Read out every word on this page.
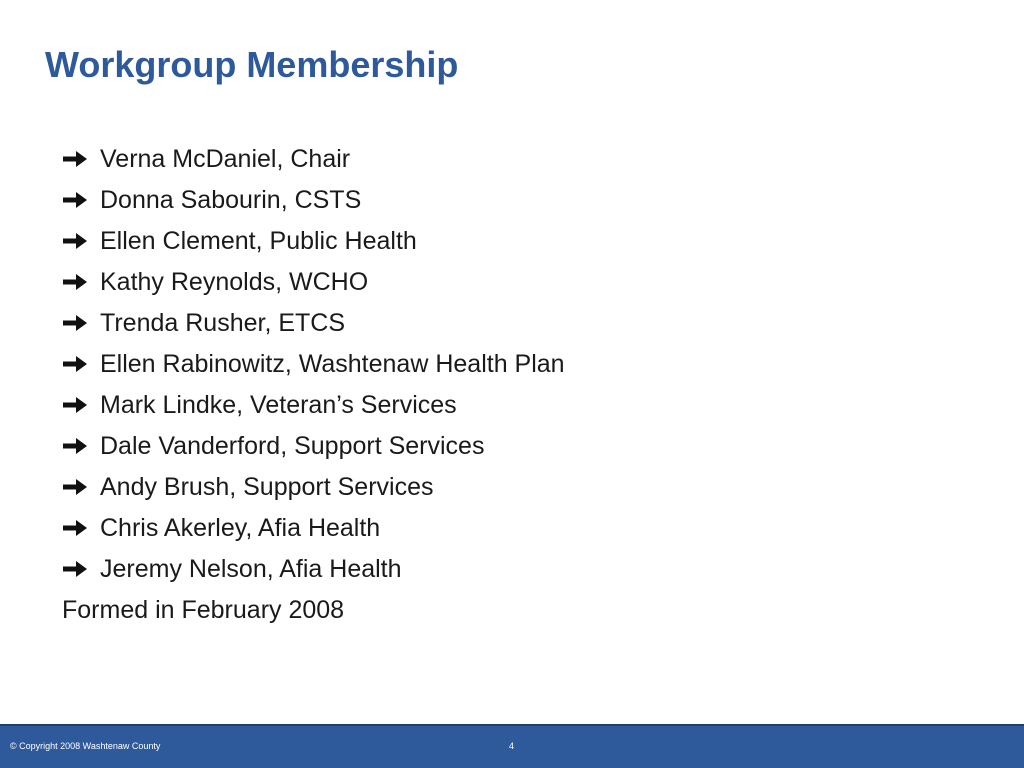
Workgroup Membership
Verna McDaniel, Chair
Donna Sabourin, CSTS
Ellen Clement, Public Health
Kathy Reynolds, WCHO
Trenda Rusher, ETCS
Ellen Rabinowitz, Washtenaw Health Plan
Mark Lindke, Veteran’s Services
Dale Vanderford, Support Services
Andy Brush, Support Services
Chris Akerley, Afia Health
Jeremy Nelson, Afia Health
Formed in February 2008
© Copyright 2008 Washtenaw County	4
